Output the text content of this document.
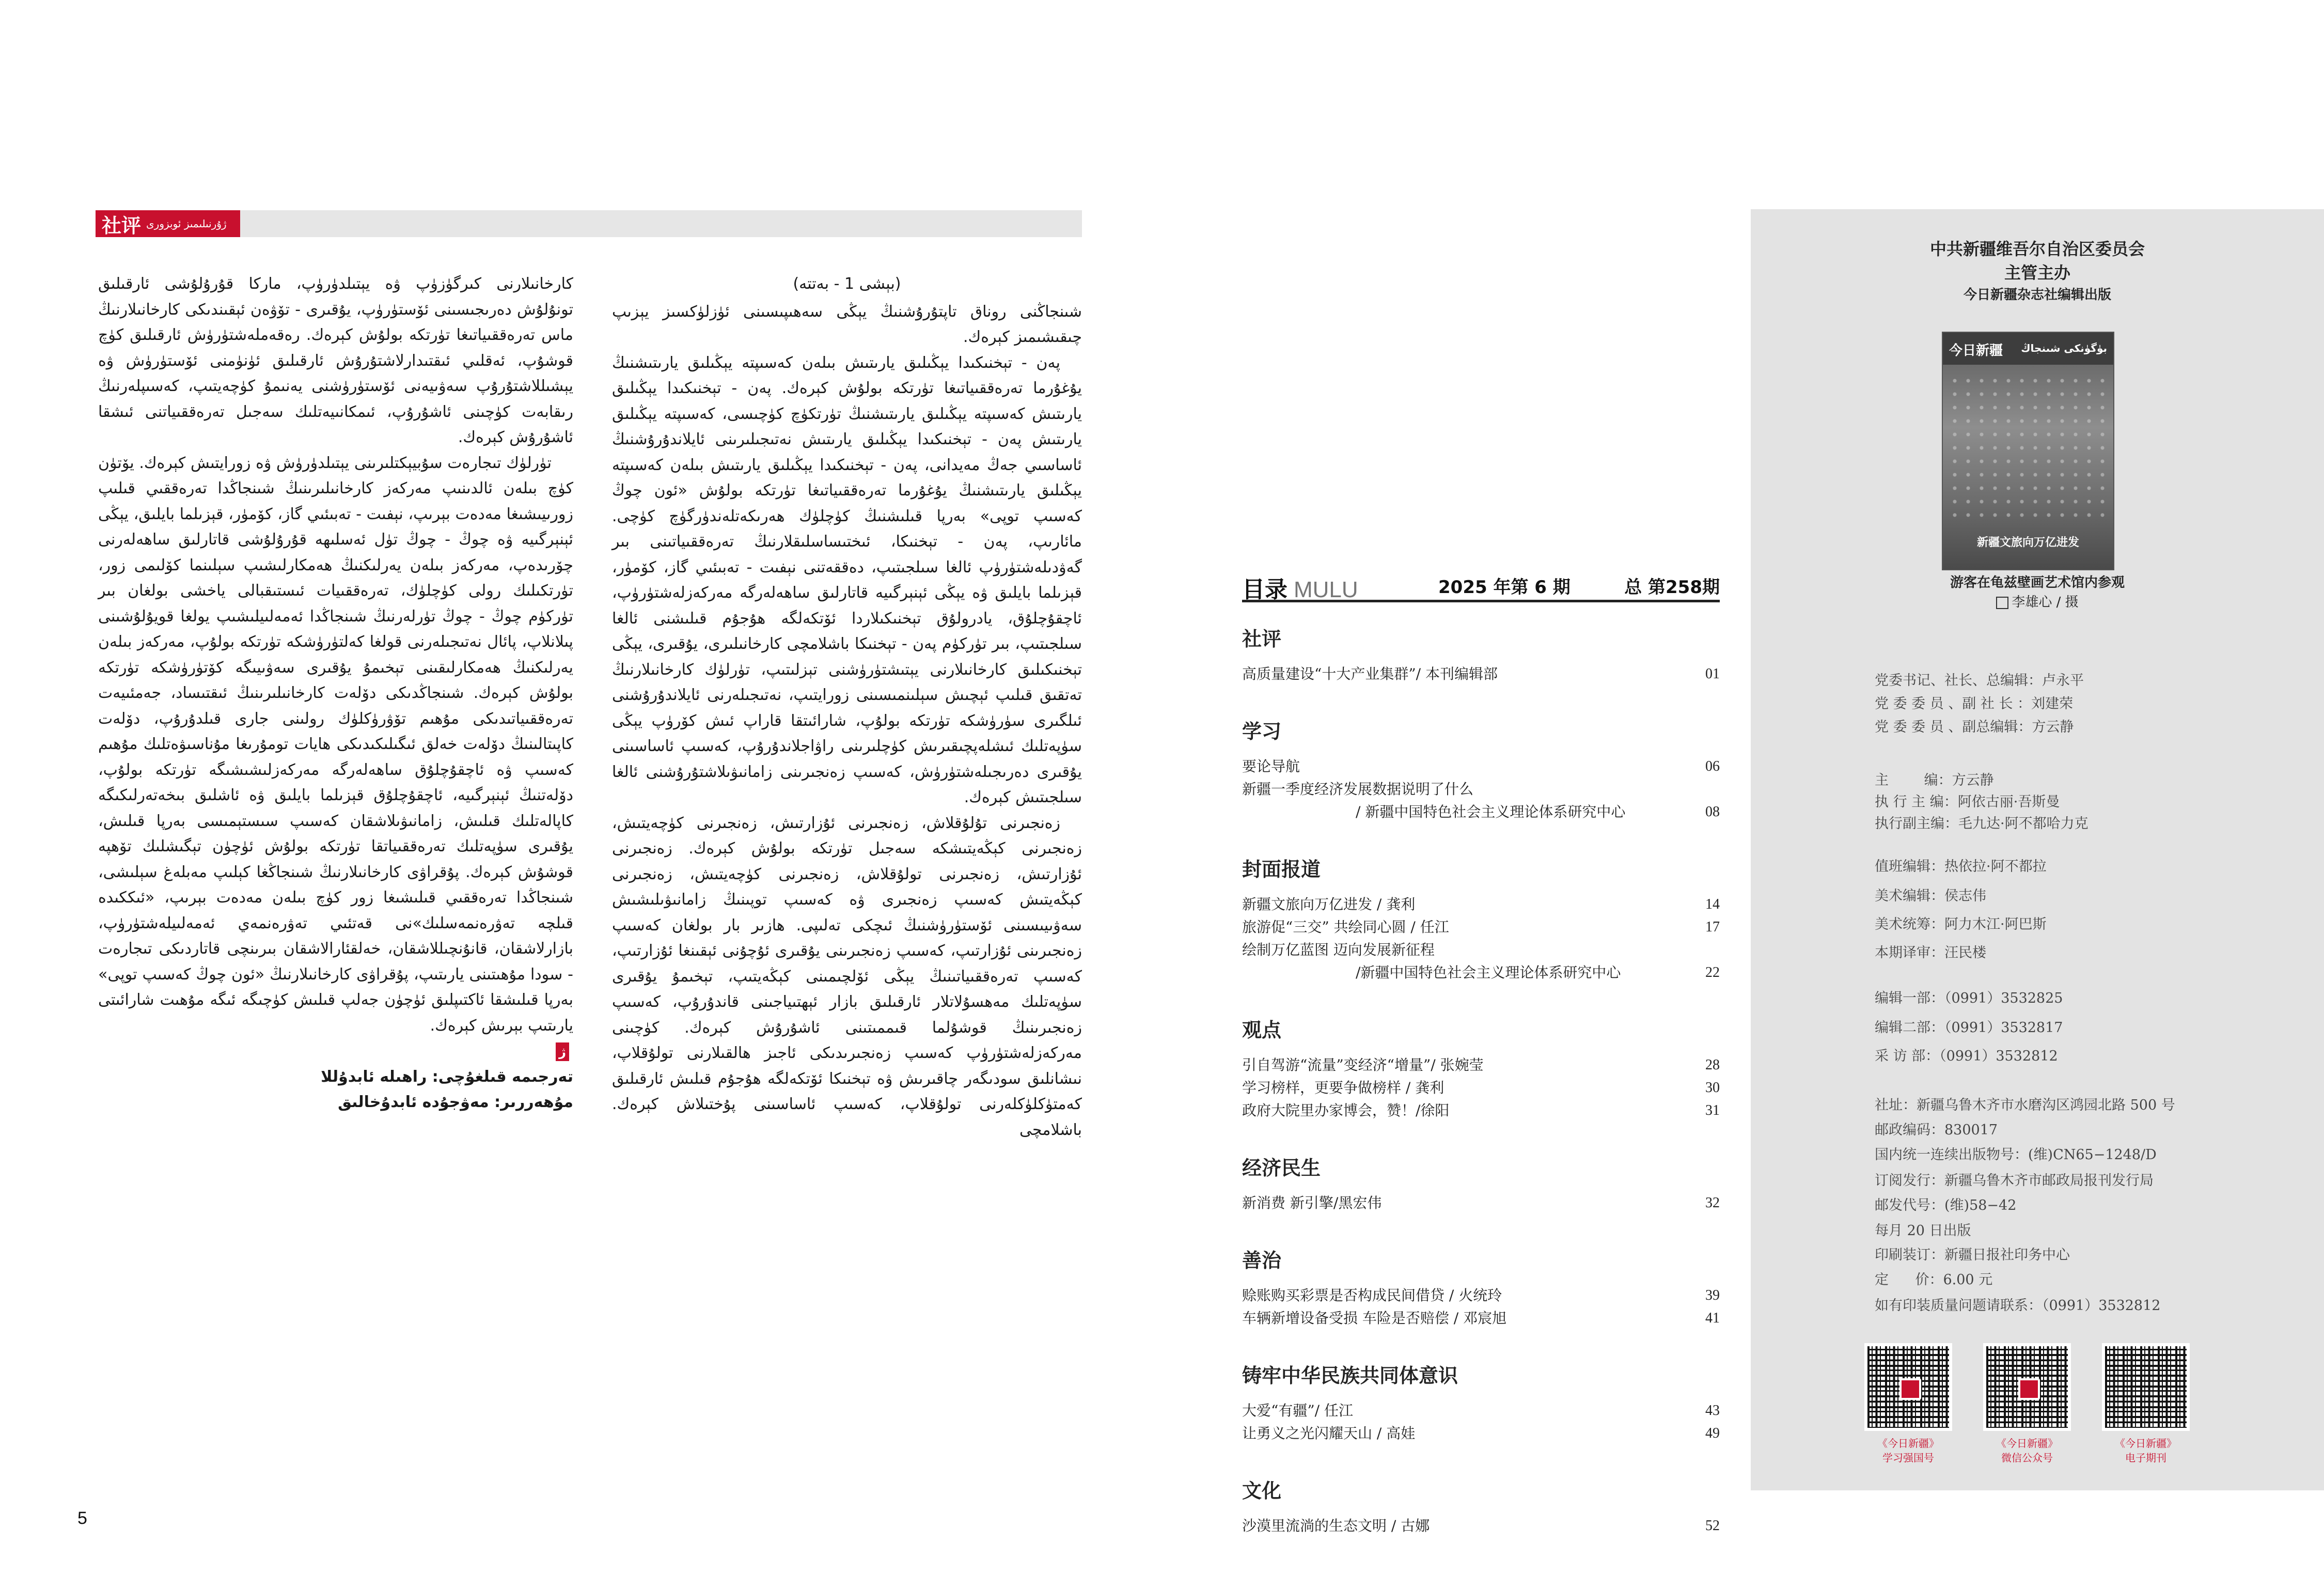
社评 ژۇرنىلىمىز ئوبزورى

(بېشى 1 - بەتتە)

شىنجاڭنى روناق تاپتۇرۇشنىڭ يېڭى سەھىپىسىنى ئۈزلۈكسىز يېزىپ چىقىشىمىز كېرەك.

پەن - تېخنىكىدا يېڭىلىق يارىتىش بىلەن كەسىپتە يېڭىلىق يارىتىشنىڭ يۇغۇرما تەرەققىياتىغا تۈرتكە بولۇش كېرەك. پەن - تېخنىكىدا يېڭىلىق يارىتىش كەسىپتە يېڭىلىق يارىتىشنىڭ تۈرتكۈچ كۈچىسى، كەسىپتە يېڭىلىق يارىتىش پەن - تېخنىكىدا يېڭىلىق يارىتىش نەتىجىلىرىنى ئايلاندۇرۇشنىڭ ئاساسىي جەڭ مەيدانى، پەن - تېخنىكىدا يېڭىلىق يارىتىش بىلەن كەسىپتە يېڭىلىق يارىتىشنىڭ يۇغۇرما تەرەققىياتىغا تۈرتكە بولۇش «ئون چوڭ كەسىپ توپى» بەرپا قىلىشنىڭ كۈچلۈك ھەرىكەتلەندۈرگۈچ كۈچى. مائارىپ، پەن - تېخنىكا، ئىختىساسلىقلارنىڭ تەرەققىياتىنى بىر گەۋدىلەشتۈرۈپ ئالغا سىلجىتىپ، دەققەتنى نېفىت - تەبىئىي گاز، كۆمۈر، قېزىلما بايلىق ۋە يېڭى ئېنېرگىيە قاتارلىق ساھەلەرگە مەركەزلەشتۈرۈپ، ئاچقۇچلۇق، يادرولۇق تېخنىكىلاردا ئۆتكەلگە ھۇجۇم قىلىشنى ئالغا سىلجىتىپ، بىر تۈركۈم پەن - تېخنىكا باشلامچى كارخانىلىرى، يۇقىرى، يېڭى تېخنىكىلىق كارخانىلارنى يېتىشتۈرۈشنى تېزلىتىپ، تۈرلۈك كارخانىلارنىڭ تەتقىق قىلىپ ئېچىش سېلىنمىسىنى زورايتىپ، نەتىجىلەرنى ئايلاندۇرۇشنى ئىلگىرى سۈرۈشكە تۈرتكە بولۇپ، شارائىتقا قاراپ ئىش كۆرۈپ يېڭى سۈپەتلىك ئىشلەپچىقىرىش كۈچلىرىنى راۋاجلاندۇرۇپ، كەسىپ ئاساسىنى يۇقىرى دەرىجىلەشتۈرۈش، كەسىپ زەنجىرىنى زامانىۋىلاشتۇرۇشنى ئالغا سىلجىتىش كېرەك.

زەنجىرنى تۇلۇقلاش، زەنجىرنى ئۇزارتىش، زەنجىرنى كۈچەيتىش، زەنجىرنى كېڭەيتىشكە سەجىل تۈرتكە بولۇش كېرەك. زەنجىرنى ئۇزارتىش، زەنجىرنى تولۇقلاش، زەنجىرنى كۈچەيتىش، زەنجىرنى كېڭەيتىش كەسىپ زەنجىرى ۋە كەسىپ توپىنىڭ زامانىۋىلىشىش سەۋىيىسىنى ئۆستۈرۈشنىڭ ئىچكى تەلىپى. ھازىر بار بولغان كەسىپ زەنجىرىنى ئۇزارتىپ، كەسىپ زەنجىرىنى يۇقىرى ئۇچۇنى ئېقىنغا ئۇزارتىپ، كەسىپ تەرەققىياتىنىڭ يېڭى ئۆلچىمىنى كېڭەيتىپ، تېخىمۇ يۇقىرى سۈپەتلىك مەھسۇلاتلار ئارقىلىق بازار ئېھتىياجىنى قاندۇرۇپ، كەسىپ زەنجىرىنىڭ قوشۇلما قىممىتىنى ئاشۇرۇش كېرەك. كۈچىنى مەركەزلەشتۈرۈپ كەسىپ زەنجىرىدىكى ئاجىز ھالقىلارنى تولۇقلاپ، نىشانلىق سودىگەر چاقىرىش ۋە تېخنىكا ئۆتكەلگە ھۇجۇم قىلىش ئارقىلىق كەمتۈكلۈكلەرنى تولۇقلاپ، كەسىپ ئاساسىنى پۇختىلاش كېرەك. باشلامچى

كارخانىلارنى كىرگۈزۈپ ۋە يېتىلدۈرۈپ، ماركا قۇرۇلۇشى ئارقىلىق تونۇلۇش دەرىجىسىنى ئۆستۈرۈپ، يۇقىرى - تۆۋەن ئېقىندىكى كارخانىلارنىڭ ماس تەرەققىياتىغا تۈرتكە بولۇش كېرەك. رەقەملەشتۈرۈش ئارقىلىق كۈچ قوشۇپ، ئەقلىي ئىقتىدارلاشتۇرۇش ئارقىلىق ئۈنۈمنى ئۆستۈرۈش ۋە يېشىللاشتۇرۇپ سەۋىيەنى ئۆستۈرۈشنى يەنىمۇ كۈچەيتىپ، كەسىپلەرنىڭ رىقابەت كۈچىنى ئاشۇرۇپ، ئىمكانىيەتلىك سەجىل تەرەققىياتنى ئىشقا ئاشۇرۇش كېرەك.

تۈرلۈك تىجارەت سۇبيېكتلىرىنى يېتىلدۈرۈش ۋە زورايتىش كېرەك. يۆتۈن كۈچ بىلەن ئالدىنىپ مەركەز كارخانىلىرىنىڭ شىنجاڭدا تەرەققىي قىلىپ زورىيىشىغا مەدەت بېرىپ، نېفىت - تەبىئىي گاز، كۆمۈر، قېزىلما بايلىق، يېڭى ئېنېرگىيە ۋە چوڭ - چوڭ تۈل ئەسلىھە قۇرۇلۇشى قاتارلىق ساھەلەرنى چۆرىدەپ، مەركەز بىلەن يەرلىكنىڭ ھەمكارلىشىپ سېلىنما كۆلىمى زور، تۈرتكىلىك رولى كۈچلۈك، تەرەققىيات ئىستىقبالى ياخشى بولغان بىر تۈركۈم چوڭ - چوڭ تۈرلەرنىڭ شىنجاڭدا ئەمەلىيلىشىپ يولغا قويۇلۇشىنى پىلانلاپ، پائال نەتىجىلەرنى قولغا كەلتۈرۈشكە تۈرتكە بولۇپ، مەركەز بىلەن يەرلىكنىڭ ھەمكارلىقىنى تېخىمۇ يۇقىرى سەۋىيىگە كۆتۈرۈشكە تۈرتكە بولۇش كېرەك. شىنجاڭدىكى دۆلەت كارخانىلىرىنىڭ ئىقتىساد، جەمئىيەت تەرەققىياتىدىكى مۇھىم تۆۋرۈكلۈك رولىنى جارى قىلدۇرۇپ، دۆلەت كاپىتالىنىڭ دۆلەت خەلق ئىگىلىكىدىكى ھايات تومۇرىغا مۇناسىۋەتلىك مۇھىم كەسىپ ۋە ئاچقۇچلۇق ساھەلەرگە مەركەزلىشىشىگە تۈرتكە بولۇپ، دۆلەتنىڭ ئېنېرگىيە، ئاچقۇچلۇق قېزىلما بايلىق ۋە ئاشلىق بىخەتەرلىكىگە كاپالەتلىك قىلىش، زامانىۋىلاشقان كەسىپ سىستېمىسى بەرپا قىلىش، يۇقىرى سۈپەتلىك تەرەققىياتقا تۈرتكە بولۇش ئۈچۈن تېگىشلىك تۆھپە قوشۇش كېرەك. پۇقراۋى كارخانىلارنىڭ شىنجاڭغا كېلىپ مەبلەغ سېلىشى، شىنجاڭدا تەرەققىي قىلىشىغا زور كۈچ بىلەن مەدەت بېرىپ، «ئىككىدە قىلچە تەۋرەنمەسلىك»نى قەتئىي تەۋرەنمەي ئەمەلىيلەشتۈرۈپ، بازارلاشقان، قانۇنچىللاشقان، خەلقئارالاشقان بىرىنچى قاتاردىكى تىجارەت - سودا مۇھىتىنى يارىتىپ، پۇقراۋى كارخانىلارنىڭ «ئون چوڭ كەسىپ توپى» بەرپا قىلىشقا ئاكتىپلىق ئۈچۈن جەلپ قىلىش كۈچىگە ئىگە مۇھىت شارائىتى يارىتىپ بېرىش كېرەك.

ژ

تەرجىمە قىلغۇچى: راھىلە ئابدۇللا

مۇھەررىر: مەۋجۇدە ئابدۇخالىق

5
目录 MULU	2025 年第 6 期	总 第258期
社评
高质量建设“十大产业集群”/ 本刊编辑部	01
学习
要论导航	06
新疆一季度经济发展数据说明了什么
/ 新疆中国特色社会主义理论体系研究中心	08
封面报道
新疆文旅向万亿进发 / 龚利	14
旅游促“三交” 共绘同心圆 / 任江	17
绘制万亿蓝图 迈向发展新征程
/新疆中国特色社会主义理论体系研究中心	22
观点
引自驾游“流量”变经济“增量”/ 张婉莹	28
学习榜样，更要争做榜样 / 龚利	30
政府大院里办家博会，赞！/徐阳	31
经济民生
新消费 新引擎/黑宏伟	32
善治
赊账购买彩票是否构成民间借贷 / 火统玲	39
车辆新增设备受损 车险是否赔偿 / 邓宸旭	41
铸牢中华民族共同体意识
大爱“有疆”/ 任江	43
让勇义之光闪耀天山 / 高娃	49
文化
沙漠里流淌的生态文明 / 古娜	52
中共新疆维吾尔自治区委员会
主管主办
今日新疆杂志社编辑出版
今日新疆 بۈگۈنكى شىنجاڭ
新疆文旅向万亿进发
游客在龟兹壁画艺术馆内参观
李雄心 / 摄
党委书记、社长、总编辑：卢永平
党 委 委 员 、副 社 长 ：刘建荣
党 委 委 员 、副总编辑：方云静
主        编：方云静
执 行 主 编：阿依古丽·吾斯曼
执行副主编：毛九达·阿不都哈力克
值班编辑：热依拉·阿不都拉
美术编辑：侯志伟
美术统筹：阿力木江·阿巴斯
本期译审：汪民楼
编辑一部：（0991）3532825
编辑二部：（0991）3532817
采 访 部：（0991）3532812
社址：新疆乌鲁木齐市水磨沟区鸿园北路 500 号
邮政编码：830017
国内统一连续出版物号：(维)CN65−1248/D
订阅发行：新疆乌鲁木齐市邮政局报刊发行局
邮发代号：(维)58−42
每月 20 日出版
印刷装订：新疆日报社印务中心
定      价：6.00 元
如有印装质量问题请联系：（0991）3532812
《今日新疆》
学习强国号
《今日新疆》
微信公众号
《今日新疆》
电子期刊
